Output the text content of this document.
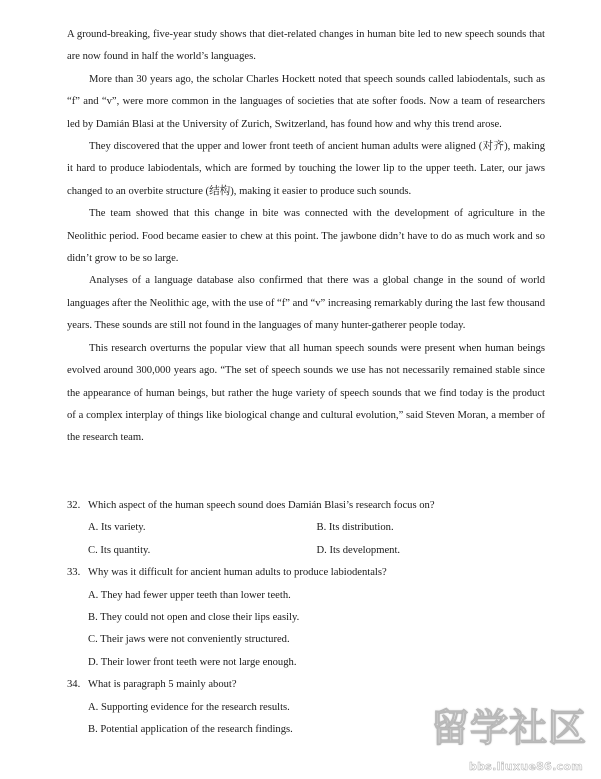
A ground-breaking, five-year study shows that diet-related changes in human bite led to new speech sounds that are now found in half the world’s languages.

More than 30 years ago, the scholar Charles Hockett noted that speech sounds called labiodentals, such as “f” and “v”, were more common in the languages of societies that ate softer foods. Now a team of researchers led by Damián Blasi at the University of Zurich, Switzerland, has found how and why this trend arose.

They discovered that the upper and lower front teeth of ancient human adults were aligned (对齐), making it hard to produce labiodentals, which are formed by touching the lower lip to the upper teeth. Later, our jaws changed to an overbite structure (结构), making it easier to produce such sounds.

The team showed that this change in bite was connected with the development of agriculture in the Neolithic period. Food became easier to chew at this point. The jawbone didn’t have to do as much work and so didn’t grow to be so large.

Analyses of a language database also confirmed that there was a global change in the sound of world languages after the Neolithic age, with the use of “f” and “v” increasing remarkably during the last few thousand years. These sounds are still not found in the languages of many hunter-gatherer people today.

This research overturns the popular view that all human speech sounds were present when human beings evolved around 300,000 years ago. “The set of speech sounds we use has not necessarily remained stable since the appearance of human beings, but rather the huge variety of speech sounds that we find today is the product of a complex interplay of things like biological change and cultural evolution,” said Steven Moran, a member of the research team.

32. Which aspect of the human speech sound does Damián Blasi’s research focus on?
A. Its variety.	B. Its distribution.
C. Its quantity.	D. Its development.
33. Why was it difficult for ancient human adults to produce labiodentals?
A. They had fewer upper teeth than lower teeth.
B. They could not open and close their lips easily.
C. Their jaws were not conveniently structured.
D. Their lower front teeth were not large enough.
34. What is paragraph 5 mainly about?
A. Supporting evidence for the research results.
B. Potential application of the research findings.	留学社区
bbs.liuxue86.com
